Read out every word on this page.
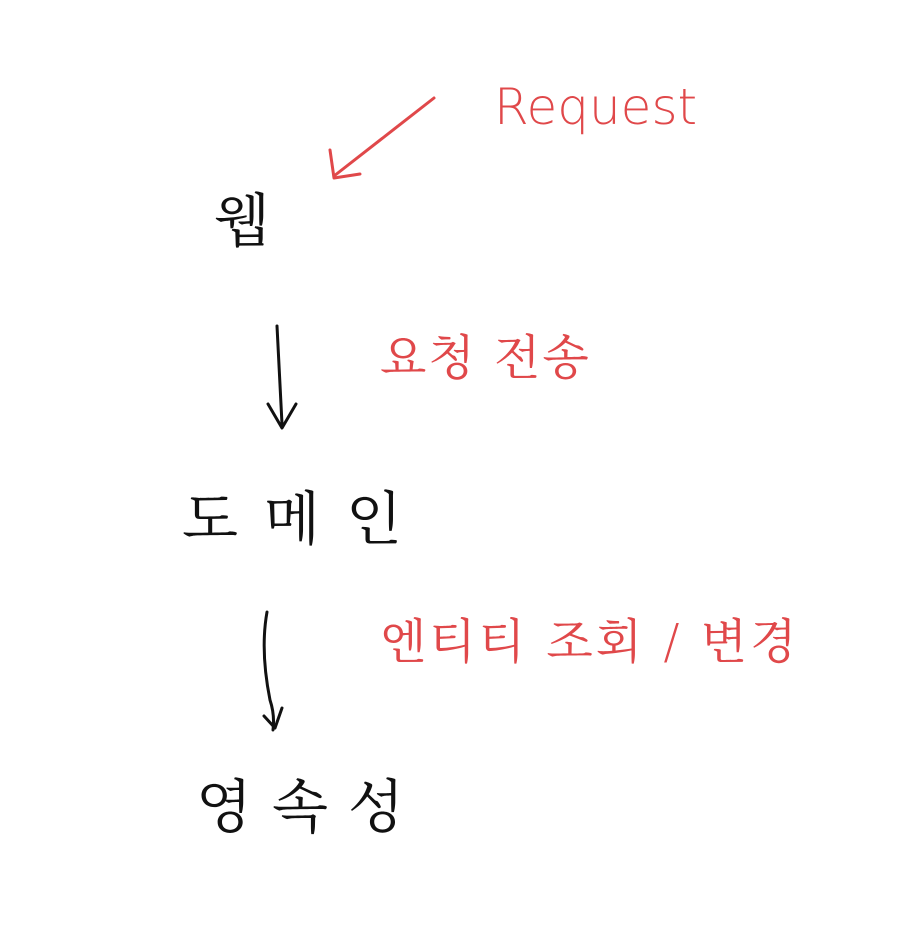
Request
웹
요청 전송
도메인
엔티티 조회 / 변경
영속성
